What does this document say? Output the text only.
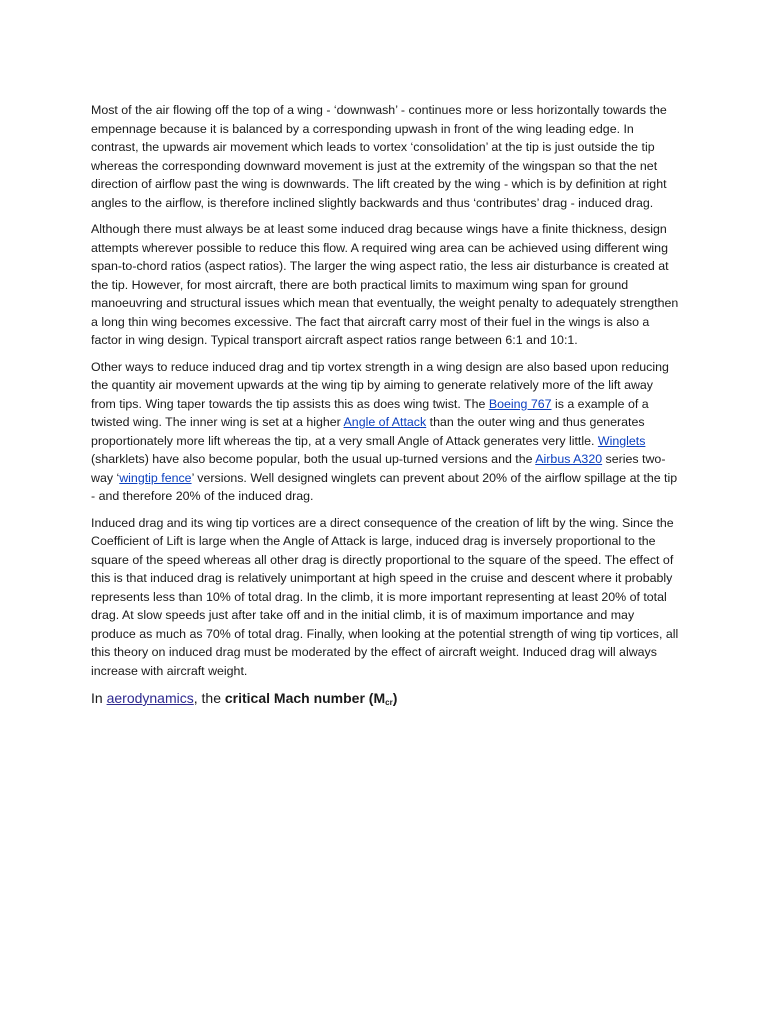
Most of the air flowing off the top of a wing - ‘downwash’ - continues more or less horizontally towards the empennage because it is balanced by a corresponding upwash in front of the wing leading edge. In contrast, the upwards air movement which leads to vortex ‘consolidation’ at the tip is just outside the tip whereas the corresponding downward movement is just at the extremity of the wingspan so that the net direction of airflow past the wing is downwards. The lift created by the wing - which is by definition at right angles to the airflow, is therefore inclined slightly backwards and thus ‘contributes’ drag - induced drag.

Although there must always be at least some induced drag because wings have a finite thickness, design attempts wherever possible to reduce this flow. A required wing area can be achieved using different wing span-to-chord ratios (aspect ratios). The larger the wing aspect ratio, the less air disturbance is created at the tip. However, for most aircraft, there are both practical limits to maximum wing span for ground manoeuvring and structural issues which mean that eventually, the weight penalty to adequately strengthen a long thin wing becomes excessive. The fact that aircraft carry most of their fuel in the wings is also a factor in wing design. Typical transport aircraft aspect ratios range between 6:1 and 10:1.

Other ways to reduce induced drag and tip vortex strength in a wing design are also based upon reducing the quantity air movement upwards at the wing tip by aiming to generate relatively more of the lift away from tips. Wing taper towards the tip assists this as does wing twist. The Boeing 767 is a example of a twisted wing. The inner wing is set at a higher Angle of Attack than the outer wing and thus generates proportionately more lift whereas the tip, at a very small Angle of Attack generates very little. Winglets (sharklets) have also become popular, both the usual up-turned versions and the Airbus A320 series two-way ‘wingtip fence’ versions. Well designed winglets can prevent about 20% of the airflow spillage at the tip - and therefore 20% of the induced drag.

Induced drag and its wing tip vortices are a direct consequence of the creation of lift by the wing. Since the Coefficient of Lift is large when the Angle of Attack is large, induced drag is inversely proportional to the square of the speed whereas all other drag is directly proportional to the square of the speed. The effect of this is that induced drag is relatively unimportant at high speed in the cruise and descent where it probably represents less than 10% of total drag. In the climb, it is more important representing at least 20% of total drag. At slow speeds just after take off and in the initial climb, it is of maximum importance and may produce as much as 70% of total drag. Finally, when looking at the potential strength of wing tip vortices, all this theory on induced drag must be moderated by the effect of aircraft weight. Induced drag will always increase with aircraft weight.

In aerodynamics, the critical Mach number $(M_{cr})$
